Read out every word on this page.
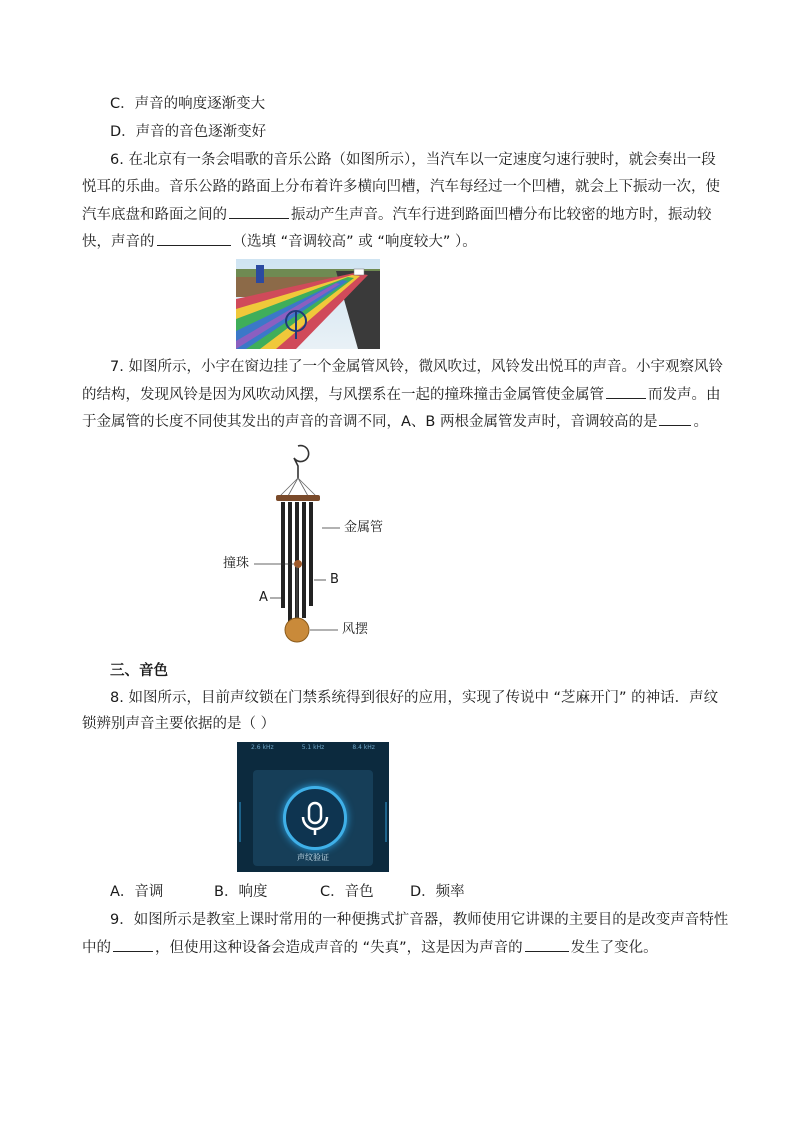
C．声音的响度逐渐变大
D．声音的音色逐渐变好
6. 在北京有一条会唱歌的音乐公路（如图所示），当汽车以一定速度匀速行驶时，就会奏出一段
悦耳的乐曲。音乐公路的路面上分布着许多横向凹槽，汽车每经过一个凹槽，就会上下振动一次，使
汽车底盘和路面之间的	振动产生声音。汽车行进到路面凹槽分布比较密的地方时，振动较
快，声音的	（选填 “音调较高” 或 “响度较大” ）。
7. 如图所示，小宇在窗边挂了一个金属管风铃，微风吹过，风铃发出悦耳的声音。小宇观察风铃
的结构，发现风铃是因为风吹动风摆，与风摆系在一起的撞珠撞击金属管使金属管	而发声。由
于金属管的长度不同使其发出的声音的音调不同，A、B 两根金属管发声时，音调较高的是 。
金属管
撞珠
B
A
风摆
三、音色
8. 如图所示，目前声纹锁在门禁系统得到很好的应用，实现了传说中 “芝麻开门” 的神话．声纹
锁辨别声音主要依据的是（ ）
2.6 kHz	5.1 kHz	8.4 kHz
声纹验证
A．音调	B．响度	C．音色	D．频率
9．如图所示是教室上课时常用的一种便携式扩音器，教师使用它讲课的主要目的是改变声音特性
中的	，但使用这种设备会造成声音的 “失真”，这是因为声音的	发生了变化。
